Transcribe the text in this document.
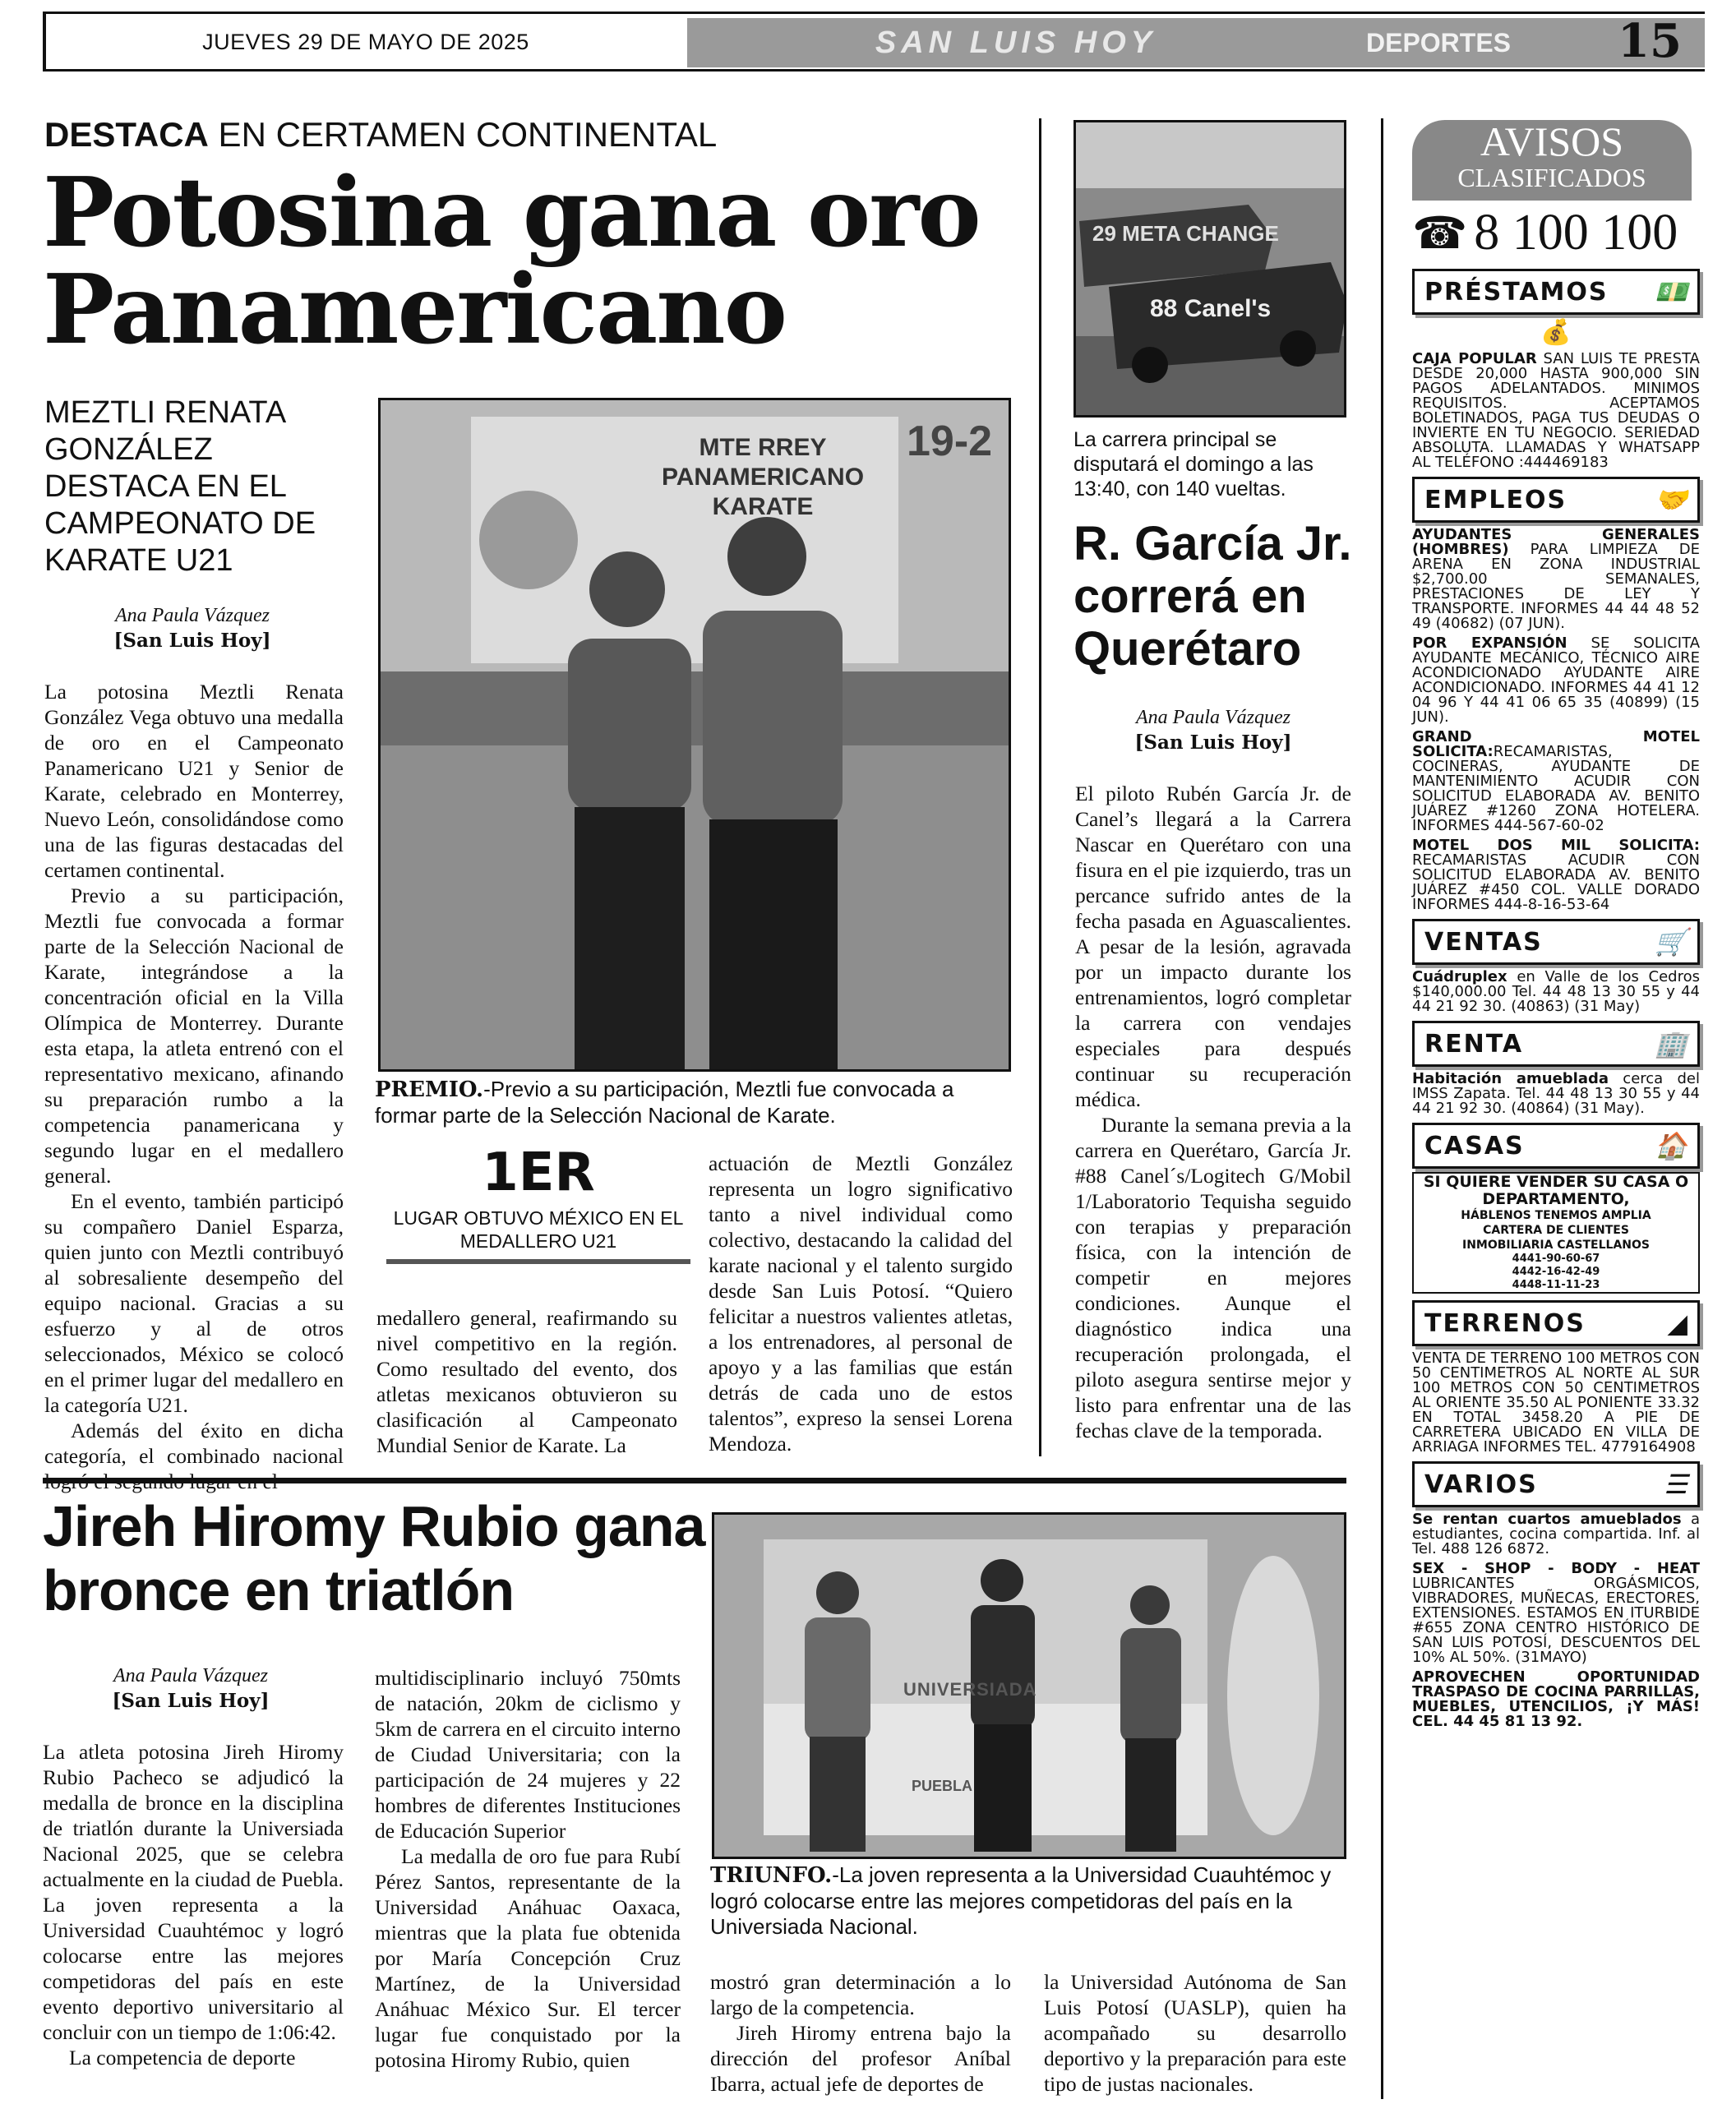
JUEVES 29 DE MAYO DE 2025	SAN LUIS HOY	DEPORTES	15
DESTACA EN CERTAMEN CONTINENTAL
Potosina gana oro Panamericano
MEZTLI RENATA GONZÁLEZ DESTACA EN EL CAMPEONATO DE KARATE U21
Ana Paula Vázquez
[San Luis Hoy]

La potosina Meztli Renata González Vega obtuvo una medalla de oro en el Campeonato Panamericano U21 y Senior de Karate, celebrado en Monterrey, Nuevo León, consolidándose como una de las figuras destacadas del certamen continental.

Previo a su participación, Meztli fue convocada a formar parte de la Selección Nacional de Karate, integrándose a la concentración oficial en la Villa Olímpica de Monterrey. Durante esta etapa, la atleta entrenó con el representativo mexicano, afinando su preparación rumbo a la competencia panamericana y segundo lugar en el medallero general.

En el evento, también participó su compañero Daniel Esparza, quien junto con Meztli contribuyó al sobresaliente desempeño del equipo nacional. Gracias a su esfuerzo y al de otros seleccionados, México se colocó en el primer lugar del medallero en la categoría U21.

Además del éxito en dicha categoría, el combinado nacional

MTE RREY
PANAMERICANO KARATE
19-2
PREMIO.-Previo a su participación, Meztli fue convocada a formar parte de la Selección Nacional de Karate.
1ER
LUGAR OBTUVO MÉXICO EN EL MEDALLERO U21

medallero general, reafirmando su nivel competitivo en la región. Como resultado del evento, dos atletas mexicanos obtuvieron su clasificación al Campeonato Mundial Senior de Karate. La

actuación de Meztli González representa un logro significativo tanto a nivel individual como colectivo, destacando la calidad del karate nacional y el talento surgido desde San Luis Potosí. “Quiero felicitar a nuestros valientes atletas, a los entrenadores, al personal de apoyo y a las familias que están detrás de cada uno de estos talentos”, expreso la sensei Lorena Mendoza.

29 META CHANGE
88 Canel's
La carrera principal se disputará el domingo a las 13:40, con 140 vueltas.
R. García Jr. correrá en Querétaro
Ana Paula Vázquez
[San Luis Hoy]

El piloto Rubén García Jr. de Canel’s llegará a la Carrera Nascar en Querétaro con una fisura en el pie izquierdo, tras un percance sufrido antes de la fecha pasada en Aguascalientes. A pesar de la lesión, agravada por un impacto durante los entrenamientos, logró completar la carrera con vendajes especiales para después continuar su recuperación médica.

Durante la semana previa a la carrera en Querétaro, García Jr. #88 Canel´s/Logitech G/Mobil 1/Laboratorio Tequisha seguido con terapias y preparación física, con la intención de competir en mejores condiciones. Aunque el diagnóstico indica una recuperación prolongada, el piloto asegura sentirse mejor y listo para enfrentar una de las fechas clave de la temporada.

Jireh Hiromy Rubio gana bronce en triatlón
Ana Paula Vázquez
[San Luis Hoy]

La atleta potosina Jireh Hiromy Rubio Pacheco se adjudicó la medalla de bronce en la disciplina de triatlón durante la Universiada Nacional 2025, que se celebra actualmente en la ciudad de Puebla. La joven representa a la Universidad Cuauhtémoc y logró colocarse entre las mejores competidoras del país en este evento deportivo universitario al concluir con un tiempo de 1:06:42.

La competencia de deporte

multidisciplinario incluyó 750mts de natación, 20km de ciclismo y 5km de carrera en el circuito interno de Ciudad Universitaria; con la participación de 24 mujeres y 22 hombres de diferentes Instituciones de Educación Superior

La medalla de oro fue para Rubí Pérez Santos, representante de la Universidad Anáhuac Oaxaca, mientras que la plata fue obtenida por María Concepción Cruz Martínez, de la Universidad Anáhuac México Sur. El tercer lugar fue conquistado por la potosina Hiromy Rubio, quien

UNIVERSIADA
PUEBLA
TRIUNFO.-La joven representa a la Universidad Cuauhtémoc y logró colocarse entre las mejores competidoras del país en la Universiada Nacional.

mostró gran determinación a lo largo de la competencia.

Jireh Hiromy entrena bajo la dirección del profesor Aníbal Ibarra, actual jefe de deportes de

la Universidad Autónoma de San Luis Potosí (UASLP), quien ha acompañado su desarrollo deportivo y la preparación para este tipo de justas nacionales.

AVISOS
CLASIFICADOS
☎ 8 100 100
PRÉSTAMOS 💵
💰
CAJA POPULAR SAN LUIS TE PRESTA DESDE 20,000 HASTA 900,000 SIN PAGOS ADELANTADOS. MINIMOS REQUISITOS. ACEPTAMOS BOLETINADOS, PAGA TUS DEUDAS O INVIERTE EN TU NEGOCIO. SERIEDAD ABSOLUTA. LLAMADAS Y WHATSAPP AL TELÉFONO :444469183
EMPLEOS	🤝
AYUDANTES GENERALES (HOMBRES) PARA LIMPIEZA DE ARENA EN ZONA INDUSTRIAL $2,700.00 SEMANALES, PRESTACIONES DE LEY Y TRANSPORTE. INFORMES 44 44 48 52 49 (40682) (07 JUN).
POR EXPANSIÓN SE SOLICITA AYUDANTE MECÁNICO, TÉCNICO AIRE ACONDICIONADO AYUDANTE AIRE ACONDICIONADO. INFORMES 44 41 12 04 96 Y 44 41 06 65 35 (40899) (15 JUN).
GRAND MOTEL SOLICITA:RECAMARISTAS, COCINERAS, AYUDANTE DE MANTENIMIENTO ACUDIR CON SOLICITUD ELABORADA AV. BENITO JUÁREZ #1260 ZONA HOTELERA. INFORMES 444-567-60-02
MOTEL DOS MIL SOLICITA: RECAMARISTAS ACUDIR CON SOLICITUD ELABORADA AV. BENITO JUÁREZ #450 COL. VALLE DORADO INFORMES 444-8-16-53-64
VENTAS	🛒
Cuádruplex en Valle de los Cedros $140,000.00 Tel. 44 48 13 30 55 y 44 44 21 92 30. (40863) (31 May)
RENTA	🏢
Habitación amueblada cerca del IMSS Zapata. Tel. 44 48 13 30 55 y 44 44 21 92 30. (40864) (31 May).
CASAS	🏠
SI QUIERE VENDER SU CASA O DEPARTAMENTO,
HÁBLENOS TENEMOS AMPLIA
CARTERA DE CLIENTES
INMOBILIARIA CASTELLANOS
4441-90-60-67
4442-16-42-49
4448-11-11-23
TERRENOS	◢
VENTA DE TERRENO 100 METROS CON 50 CENTIMETROS AL NORTE AL SUR 100 METROS CON 50 CENTIMETROS AL ORIENTE 35.50 AL PONIENTE 33.32 EN TOTAL 3458.20 A PIE DE CARRETERA UBICADO EN VILLA DE ARRIAGA INFORMES TEL. 4779164908
VARIOS	☰
Se rentan cuartos amueblados a estudiantes, cocina compartida. Inf. al Tel. 488 126 6872.
SEX - SHOP - BODY - HEAT LUBRICANTES ORGÁSMICOS, VIBRADORES, MUÑECAS, ERECTORES, EXTENSIONES. ESTAMOS EN ITURBIDE #655 ZONA CENTRO HISTÓRICO DE SAN LUIS POTOSÍ, DESCUENTOS DEL 10% AL 50%. (31MAYO)
APROVECHEN OPORTUNIDAD TRASPASO DE COCINA PARRILLAS, MUEBLES, UTENCILIOS, ¡Y MÁS! CEL. 44 45 81 13 92.
